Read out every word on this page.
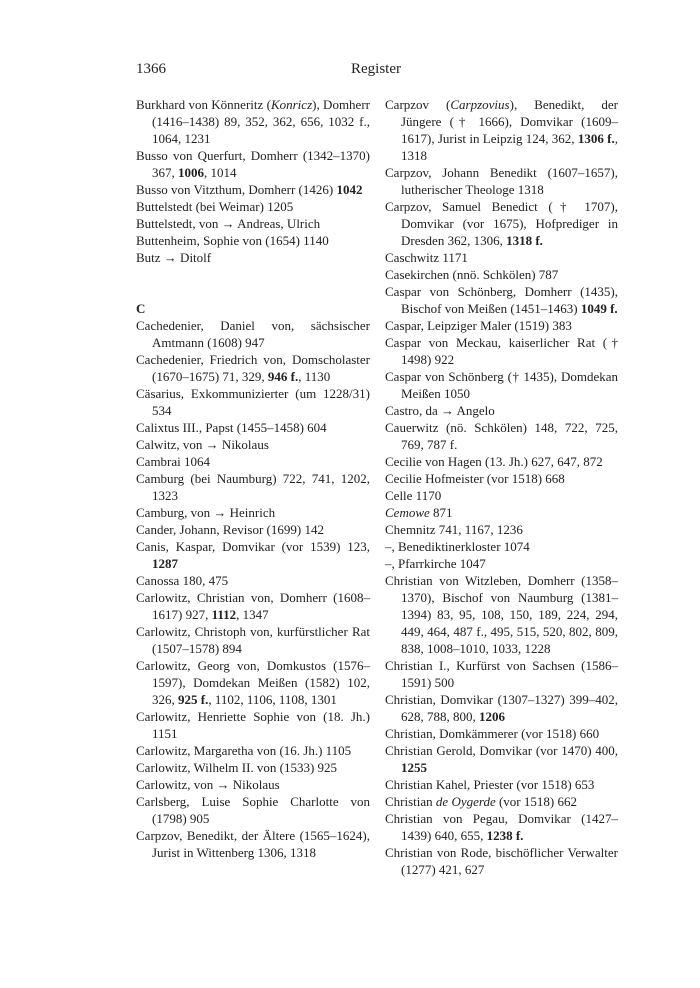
1366	Register

Burkhard von Könneritz (Konricz), Domherr (1416–1438) 89, 352, 362, 656, 1032 f., 1064, 1231

Busso von Querfurt, Domherr (1342–1370) 367, 1006, 1014

Busso von Vitzthum, Domherr (1426) 1042

Buttelstedt (bei Weimar) 1205

Buttelstedt, von → Andreas, Ulrich

Buttenheim, Sophie von (1654) 1140

Butz → Ditolf

C

Cachedenier, Daniel von, sächsischer Amtmann (1608) 947

Cachedenier, Friedrich von, Domscholaster (1670–1675) 71, 329, 946 f., 1130

Cäsarius, Exkommunizierter (um 1228/31) 534

Calixtus III., Papst (1455–1458) 604

Calwitz, von → Nikolaus

Cambrai 1064

Camburg (bei Naumburg) 722, 741, 1202, 1323

Camburg, von → Heinrich

Cander, Johann, Revisor (1699) 142

Canis, Kaspar, Domvikar (vor 1539) 123, 1287

Canossa 180, 475

Carlowitz, Christian von, Domherr (1608–1617) 927, 1112, 1347

Carlowitz, Christoph von, kurfürstlicher Rat (1507–1578) 894

Carlowitz, Georg von, Domkustos (1576–1597), Domdekan Meißen (1582) 102, 326, 925 f., 1102, 1106, 1108, 1301

Carlowitz, Henriette Sophie von (18. Jh.) 1151

Carlowitz, Margaretha von (16. Jh.) 1105

Carlowitz, Wilhelm II. von (1533) 925

Carlowitz, von → Nikolaus

Carlsberg, Luise Sophie Charlotte von (1798) 905

Carpzov, Benedikt, der Ältere (1565–1624), Jurist in Wittenberg 1306, 1318

Carpzov (Carpzovius), Benedikt, der Jüngere († 1666), Domvikar (1609–1617), Jurist in Leipzig 124, 362, 1306 f., 1318

Carpzov, Johann Benedikt (1607–1657), lutherischer Theologe 1318

Carpzov, Samuel Benedict († 1707), Domvikar (vor 1675), Hofprediger in Dresden 362, 1306, 1318 f.

Caschwitz 1171

Casekirchen (nnö. Schkölen) 787

Caspar von Schönberg, Domherr (1435), Bischof von Meißen (1451–1463) 1049 f.

Caspar, Leipziger Maler (1519) 383

Caspar von Meckau, kaiserlicher Rat († 1498) 922

Caspar von Schönberg († 1435), Domdekan Meißen 1050

Castro, da → Angelo

Cauerwitz (nö. Schkölen) 148, 722, 725, 769, 787 f.

Cecilie von Hagen (13. Jh.) 627, 647, 872

Cecilie Hofmeister (vor 1518) 668

Celle 1170

Cemowe 871

Chemnitz 741, 1167, 1236

–, Benediktinerkloster 1074

–, Pfarrkirche 1047

Christian von Witzleben, Domherr (1358–1370), Bischof von Naumburg (1381–1394) 83, 95, 108, 150, 189, 224, 294, 449, 464, 487 f., 495, 515, 520, 802, 809, 838, 1008–1010, 1033, 1228

Christian I., Kurfürst von Sachsen (1586–1591) 500

Christian, Domvikar (1307–1327) 399–402, 628, 788, 800, 1206

Christian, Domkämmerer (vor 1518) 660

Christian Gerold, Domvikar (vor 1470) 400, 1255

Christian Kahel, Priester (vor 1518) 653

Christian de Oygerde (vor 1518) 662

Christian von Pegau, Domvikar (1427–1439) 640, 655, 1238 f.

Christian von Rode, bischöflicher Verwalter (1277) 421, 627
